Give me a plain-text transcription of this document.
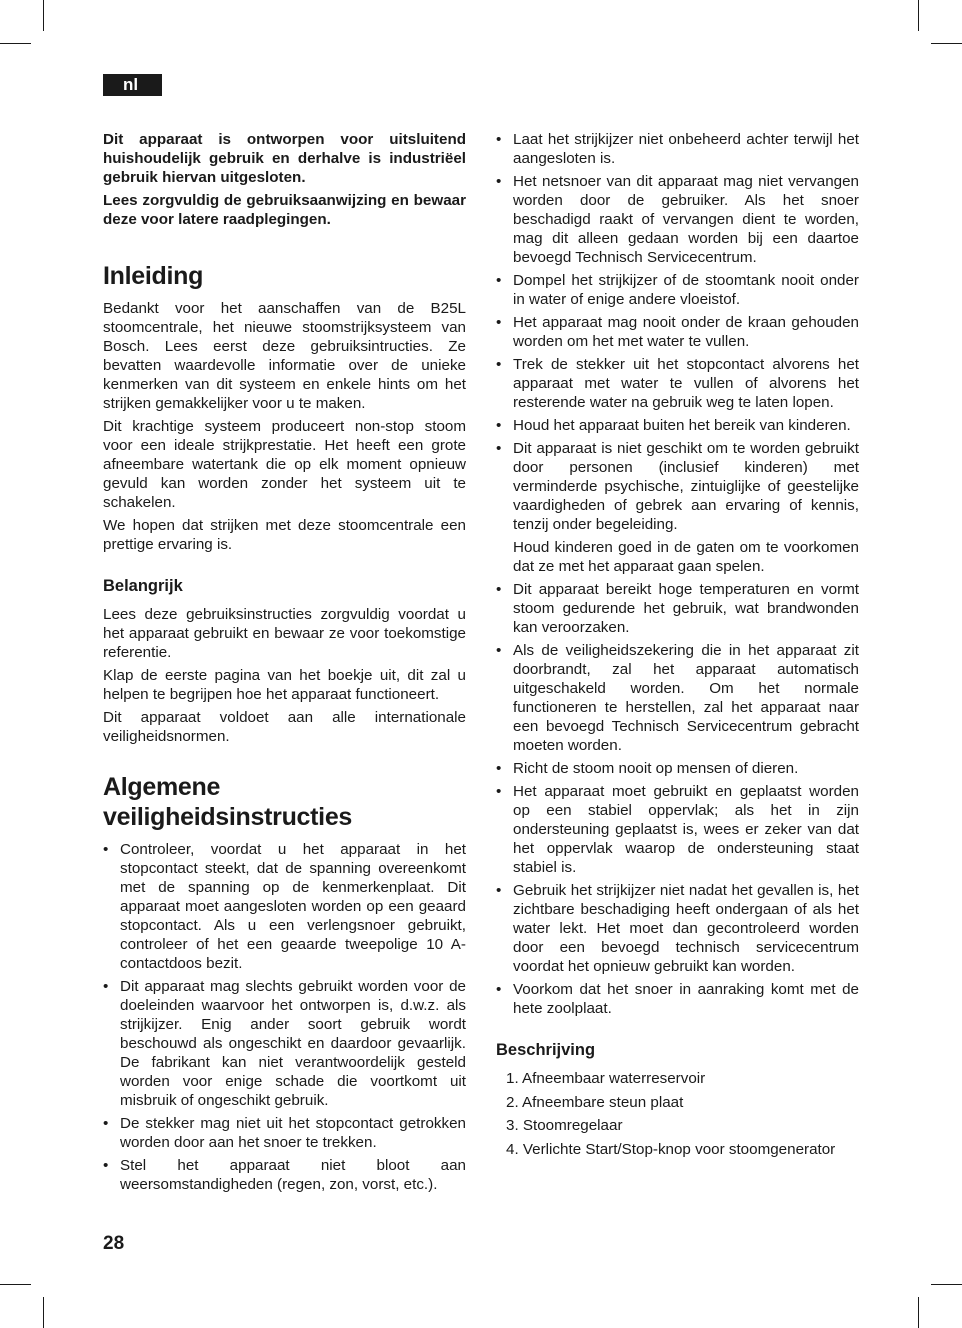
nl

Dit apparaat is ontworpen voor uitsluitend huishoudelijk gebruik en derhalve is industriëel gebruik hiervan uitgesloten.

Lees zorgvuldig de gebruiksaanwijzing en bewaar deze voor latere raadplegingen.

Inleiding

Bedankt voor het aanschaffen van de B25L stoomcentrale, het nieuwe stoomstrijksysteem van Bosch. Lees eerst deze gebruiksintructies. Ze bevatten waardevolle informatie over de unieke kenmerken van dit systeem en enkele hints om het strijken gemakkelijker voor u te maken.

Dit krachtige systeem produceert non-stop stoom voor een ideale strijkprestatie. Het heeft een grote afneembare watertank die op elk moment opnieuw gevuld kan worden zonder het systeem uit te schakelen.

We hopen dat strijken met deze stoomcentrale een prettige ervaring is.

Belangrijk

Lees deze gebruiksinstructies zorgvuldig voordat u het apparaat gebruikt en bewaar ze voor toekomstige referentie.

Klap de eerste pagina van het boekje uit, dit zal u helpen te begrijpen hoe het apparaat functioneert.

Dit apparaat voldoet aan alle internationale veiligheidsnormen.

Algemene
veiligheidsinstructies
• Controleer, voordat u het apparaat in het stopcontact steekt, dat de spanning overeenkomt met de spanning op de kenmerkenplaat. Dit apparaat moet aangesloten worden op een geaard stopcontact. Als u een verlengsnoer gebruikt, controleer of het een geaarde tweepolige 10 A-contactdoos bezit.
• Dit apparaat mag slechts gebruikt worden voor de doeleinden waarvoor het ontworpen is, d.w.z. als strijkijzer. Enig ander soort gebruik wordt beschouwd als ongeschikt en daardoor gevaarlijk. De fabrikant kan niet verantwoordelijk gesteld worden voor enige schade die voortkomt uit misbruik of ongeschikt gebruik.
• De stekker mag niet uit het stopcontact getrokken worden door aan het snoer te trekken.
• Stel het apparaat niet bloot aan weersomstandigheden (regen, zon, vorst, etc.).
• Laat het strijkijzer niet onbeheerd achter terwijl het aangesloten is.
• Het netsnoer van dit apparaat mag niet vervangen worden door de gebruiker. Als het snoer beschadigd raakt of vervangen dient te worden, mag dit alleen gedaan worden bij een daartoe bevoegd Technisch Servicecentrum.
• Dompel het strijkijzer of de stoomtank nooit onder in water of enige andere vloeistof.
• Het apparaat mag nooit onder de kraan gehouden worden om het met water te vullen.
• Trek de stekker uit het stopcontact alvorens het apparaat met water te vullen of alvorens het resterende water na gebruik weg te laten lopen.
• Houd het apparaat buiten het bereik van kinderen.
• Dit apparaat is niet geschikt om te worden gebruikt door personen (inclusief kinderen) met verminderde psychische, zintuiglijke of geestelijke vaardigheden of gebrek aan ervaring of kennis, tenzij onder begeleiding.

Houd kinderen goed in de gaten om te voorkomen dat ze met het apparaat gaan spelen.

• Dit apparaat bereikt hoge temperaturen en vormt stoom gedurende het gebruik, wat brandwonden kan veroorzaken.
• Als de veiligheidszekering die in het apparaat zit doorbrandt, zal het apparaat automatisch uitgeschakeld worden. Om het normale functioneren te herstellen, zal het apparaat naar een bevoegd Technisch Servicecentrum gebracht moeten worden.
• Richt de stoom nooit op mensen of dieren.
• Het apparaat moet gebruikt en geplaatst worden op een stabiel oppervlak; als het in zijn ondersteuning geplaatst is, wees er zeker van dat het oppervlak waarop de ondersteuning staat stabiel is.
• Gebruik het strijkijzer niet nadat het gevallen is, het zichtbare beschadiging heeft ondergaan of als het water lekt. Het moet dan gecontroleerd worden door een bevoegd technisch servicecentrum voordat het opnieuw gebruikt kan worden.
• Voorkom dat het snoer in aanraking komt met de hete zoolplaat.
Beschrijving
1. Afneembaar waterreservoir
2. Afneembare steun plaat
3. Stoomregelaar
4. Verlichte Start/Stop-knop voor stoomgenerator
28
